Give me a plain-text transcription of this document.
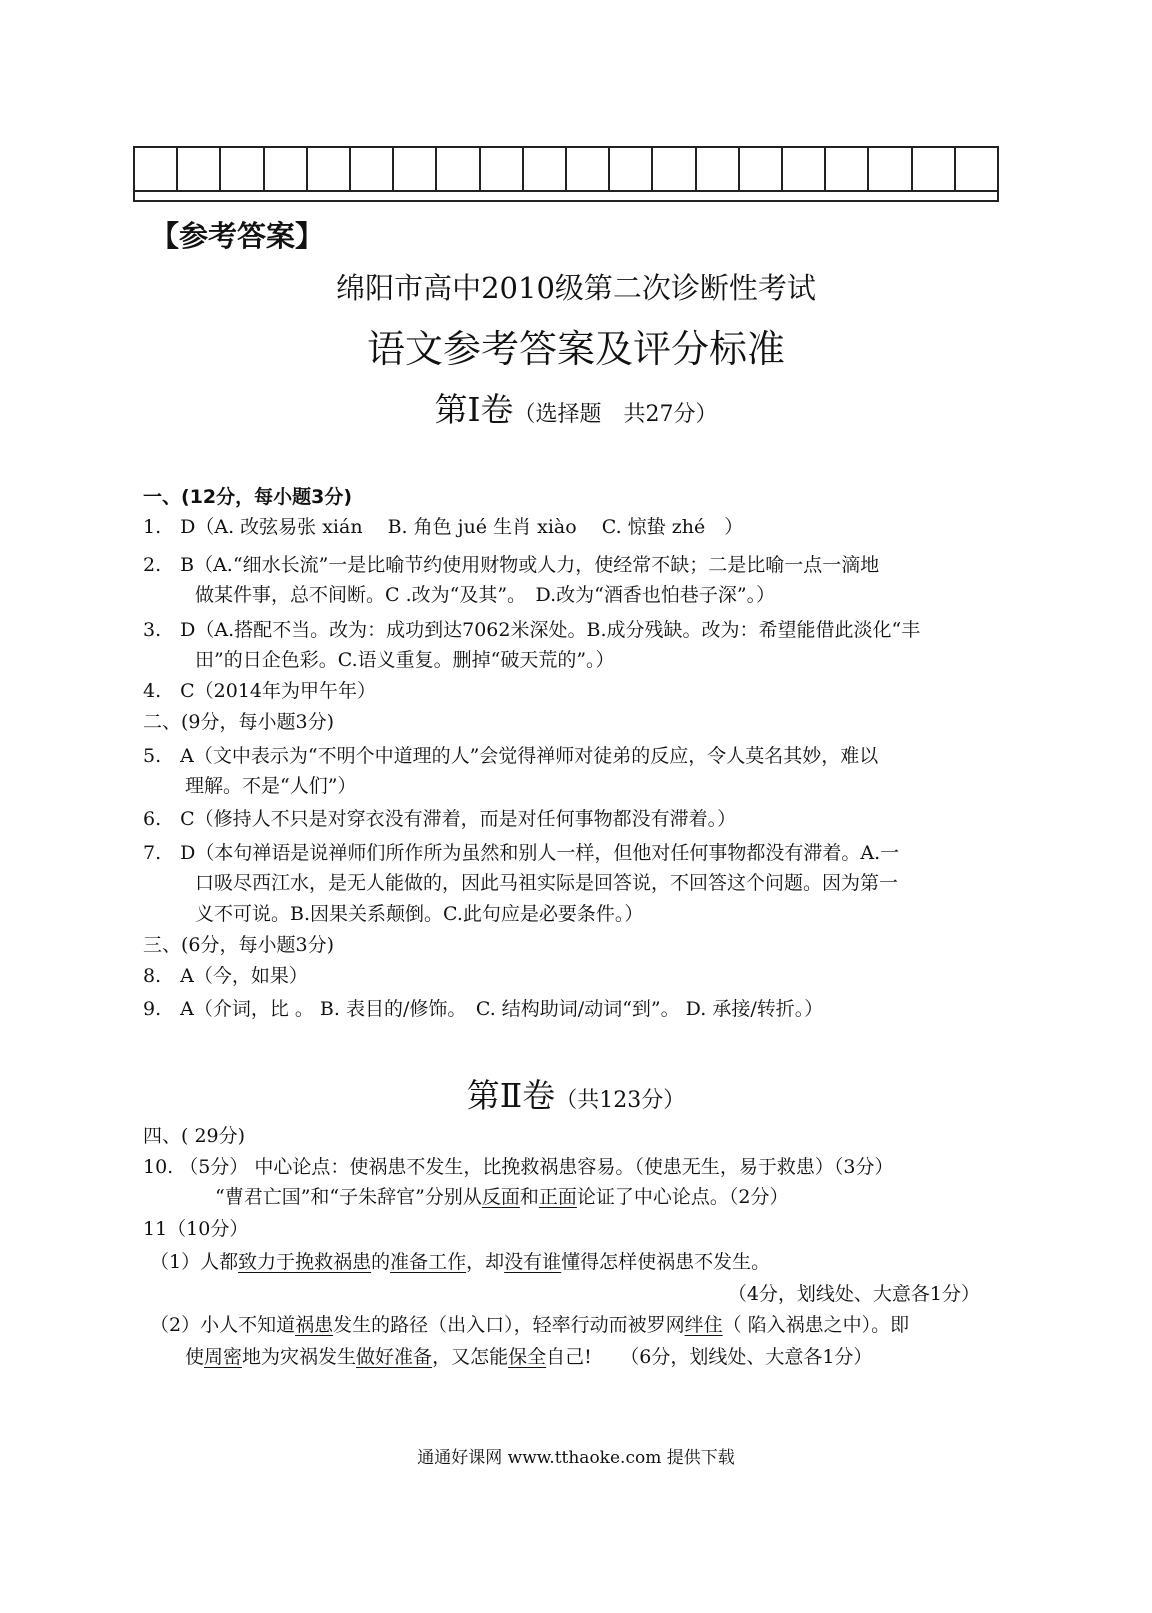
【参考答案】
绵阳市高中2010级第二次诊断性考试
语文参考答案及评分标准
第Ⅰ卷（选择题　共27分）
一、(12分，每小题3分)
1.　D（A. 改弦易张 xián　 B. 角色 jué 生肖 xiào　 C. 惊蛰 zhé　）
2.　B（A.“细水长流”一是比喻节约使用财物或人力，使经常不缺；二是比喻一点一滴地
做某件事，总不间断。C .改为“及其”。　D.改为“酒香也怕巷子深”。）
3.　D（A.搭配不当。改为：成功到达7062米深处。B.成分残缺。改为：希望能借此淡化“丰
田”的日企色彩。C.语义重复。删掉“破天荒的”。）
4.　C（2014年为甲午年）
二、(9分，每小题3分)
5.　A（文中表示为“不明个中道理的人”会觉得禅师对徒弟的反应，令人莫名其妙，难以
理解。不是“人们”）
6.　C（修持人不只是对穿衣没有滞着，而是对任何事物都没有滞着。）
7.　D（本句禅语是说禅师们所作所为虽然和别人一样，但他对任何事物都没有滞着。A.一
口吸尽西江水，是无人能做的，因此马祖实际是回答说，不回答这个问题。因为第一
义不可说。B.因果关系颠倒。C.此句应是必要条件。）
三、(6分，每小题3分)
8.　A（今，如果）
9.　A（介词，比 。 B. 表目的/修饰。　C. 结构助词/动词“到”。 D. 承接/转折。）
第Ⅱ卷（共123分）
四、( 29分)
10. （5分） 中心论点：使祸患不发生，比挽救祸患容易。（使患无生，易于救患）（3分）
“曹君亡国”和“子朱辞官”分别从反面和正面论证了中心论点。（2分）
11（10分）
（1）人都致力于挽救祸患的准备工作，却没有谁懂得怎样使祸患不发生。
（4分，划线处、大意各1分）
（2）小人不知道祸患发生的路径（出入口），轻率行动而被罗网绊住（ 陷入祸患之中）。即
使周密地为灾祸发生做好准备，又怎能保全自己!　　（6分，划线处、大意各1分）
通通好课网 www.tthaoke.com 提供下载
